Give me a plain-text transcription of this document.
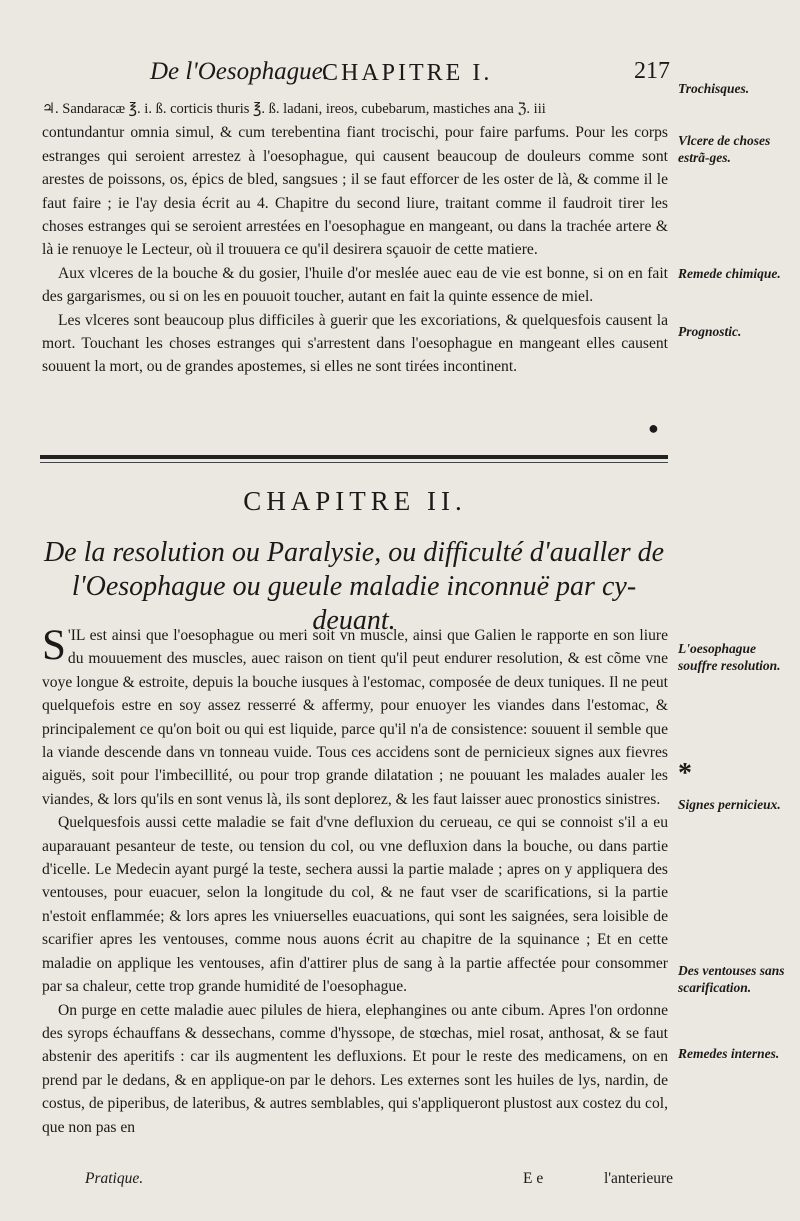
De l'Oesophague.
CHAPITRE I.	217

♃. Sandaracæ ℥. i. ß. corticis thuris ℥. ß. ladani, ireos, cubebarum, mastiches ana ℨ. iii
contundantur omnia simul, & cum terebentina fiant trocischi, pour faire parfums. Pour les corps estranges qui seroient arrestez à l'oesophague, qui causent beaucoup de douleurs comme sont arestes de poissons, os, épics de bled, sangsues ; il se faut efforcer de les oster de là, & comme il le faut faire ; ie l'ay desia écrit au 4. Chapitre du second liure, traitant comme il faudroit tirer les choses estranges qui se seroient arrestées en l'oesophague en mangeant, ou dans la trachée artere & là ie renuoye le Lecteur, où il trouuera ce qu'il desirera sçauoir de cette matiere.

Aux vlceres de la bouche & du gosier, l'huile d'or meslée auec eau de vie est bonne, si on en fait des gargarismes, ou si on les en pouuoit toucher, autant en fait la quinte essence de miel.

Les vlceres sont beaucoup plus difficiles à guerir que les excoriations, & quelquesfois causent la mort. Touchant les choses estranges qui s'arrestent dans l'oesophague en mangeant elles causent souuent la mort, ou de grandes apostemes, si elles ne sont tirées incontinent.

●
CHAPITRE II.
De la resolution ou Paralysie, ou difficulté d'aualler de l'Oesophague ou gueule maladie inconnuë par cy-deuant.

S 'IL est ainsi que l'oesophague ou meri soit vn muscle, ainsi que Galien le rapporte en son liure du mouuement des muscles, auec raison on tient qu'il peut endurer resolution, & est cõme vne voye longue & estroite, depuis la bouche iusques à l'estomac, composée de deux tuniques. Il ne peut quelquefois estre en soy assez resserré & affermy, pour enuoyer les viandes dans l'estomac, & principalement ce qu'on boit ou qui est liquide, parce qu'il n'a de consistence: souuent il semble que la viande descende dans vn tonneau vuide. Tous ces accidens sont de pernicieux signes aux fievres aiguës, soit pour l'imbecillité, ou pour trop grande dilatation ; ne pouuant les malades aualer les viandes, & lors qu'ils en sont venus là, ils sont deplorez, & les faut laisser auec pronostics sinistres.

Quelquesfois aussi cette maladie se fait d'vne defluxion du cerueau, ce qui se connoist s'il a eu auparauant pesanteur de teste, ou tension du col, ou vne defluxion dans la bouche, ou dans partie d'icelle. Le Medecin ayant purgé la teste, sechera aussi la partie malade ; apres on y appliquera des ventouses, pour euacuer, selon la longitude du col, & ne faut vser de scarifications, si la partie n'estoit enflammée; & lors apres les vniuerselles euacuations, qui sont les saignées, sera loisible de scarifier apres les ventouses, comme nous auons écrit au chapitre de la squinance ; Et en cette maladie on applique les ventouses, afin d'attirer plus de sang à la partie affectée pour consommer par sa chaleur, cette trop grande humidité de l'oesophague.

On purge en cette maladie auec pilules de hiera, elephangines ou ante cibum. Apres l'on ordonne des syrops échauffans & dessechans, comme d'hyssope, de stœchas, miel rosat, anthosat, & se faut abstenir des aperitifs : car ils augmentent les defluxions. Et pour le reste des medicamens, on en prend par le dedans, & en applique-on par le dehors. Les externes sont les huiles de lys, nardin, de costus, de piperibus, de lateribus, & autres semblables, qui s'appliqueront plustost aux costez du col, que non pas en

Trochisques.
Vlcere de choses estrã-ges.
Remede chimique.
Prognostic.
L'oesophague souffre resolution.
*
Signes pernicieux.
Des ventouses sans scarification.
Remedes internes.
Pratique.	E e	l'anterieure
